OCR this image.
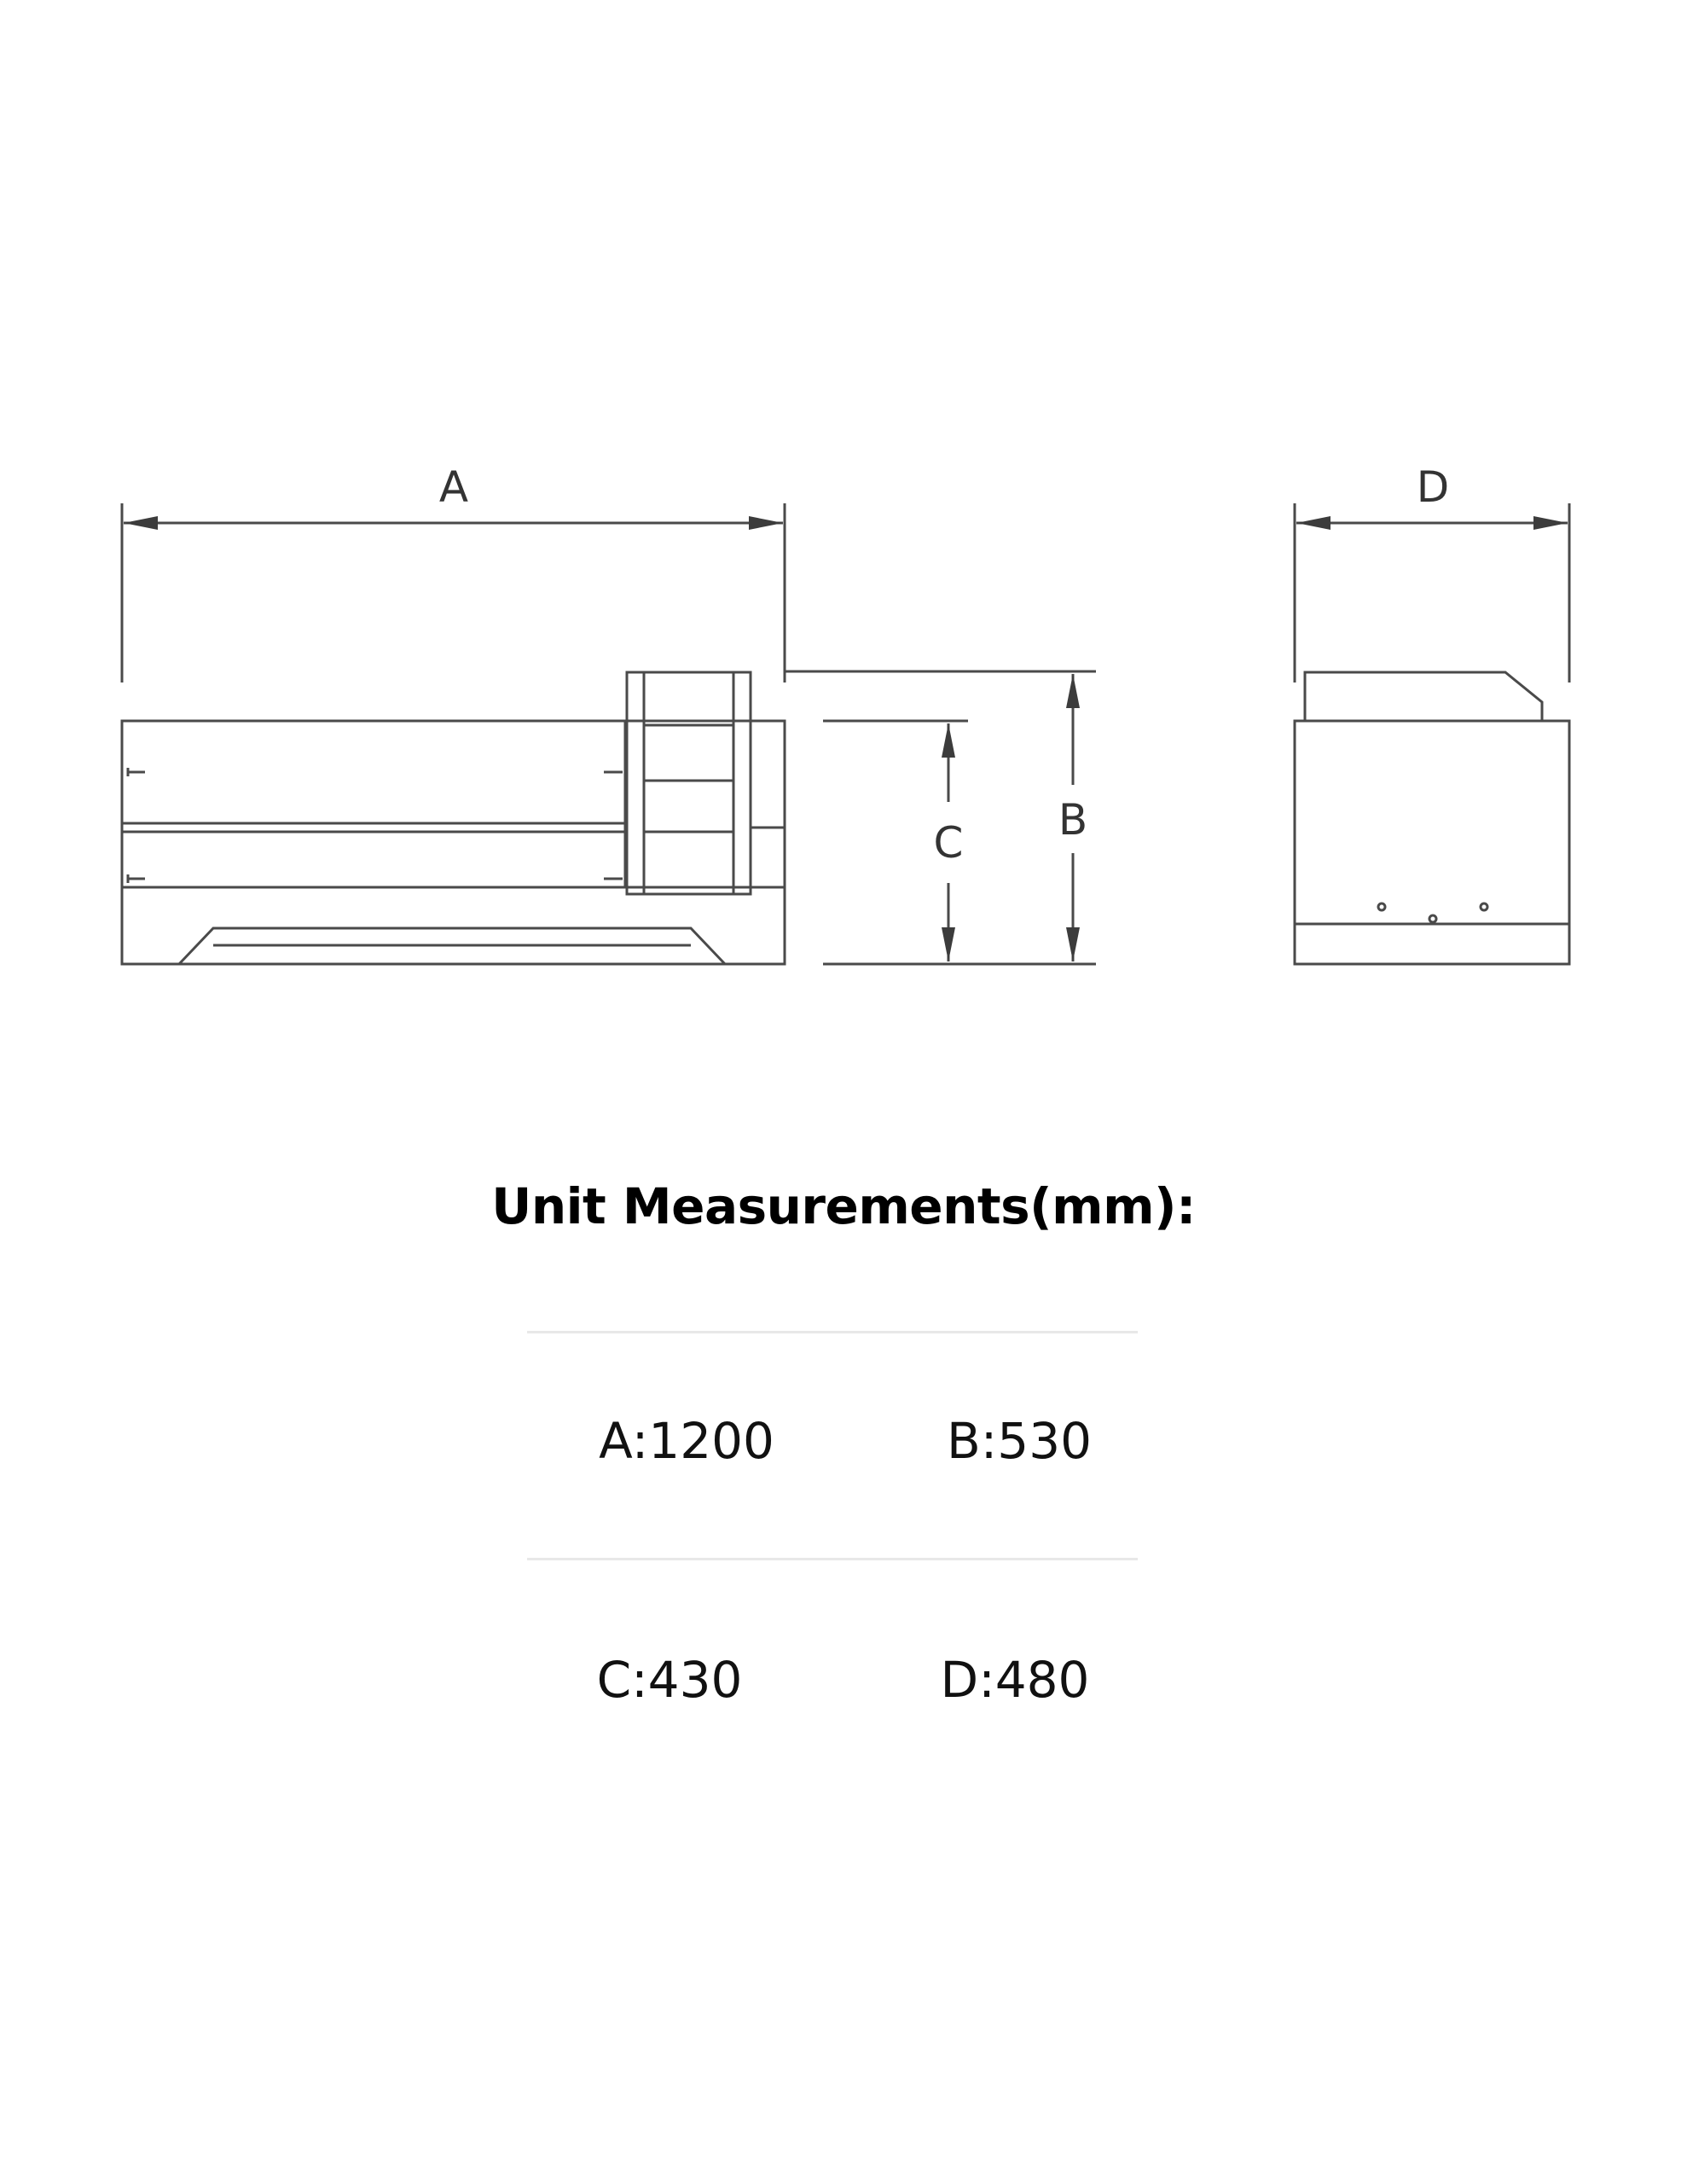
A	D
C B
Unit Measurements(mm):
A:1200	B:530
C:430	D:480
